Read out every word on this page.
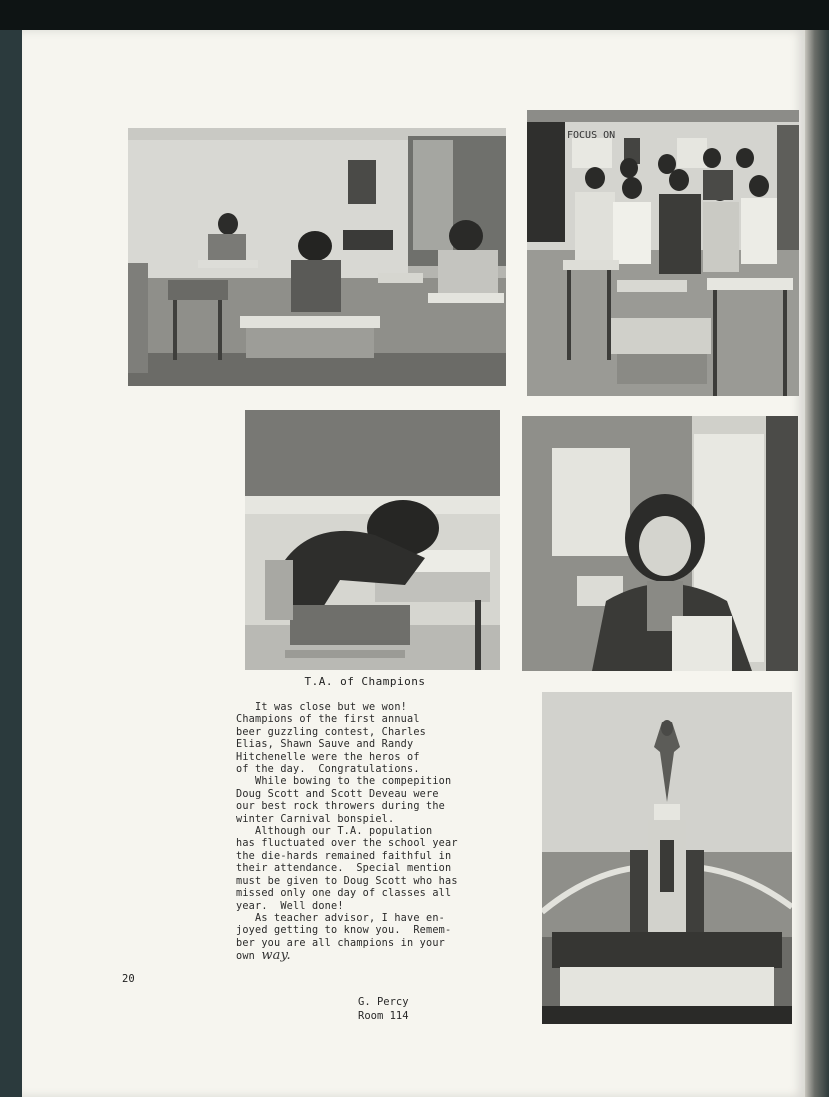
FOCUS ON
T.A. of Champions

It was close but we won!

Champions of the first annual

beer guzzling contest, Charles

Elias, Shawn Sauve and Randy

Hitchenelle were the heros of

of the day.  Congratulations.

While bowing to the compepition

Doug Scott and Scott Deveau were

our best rock throwers during the

winter Carnival bonspiel.

Although our T.A. population

has fluctuated over the school year

the die-hards remained faithful in

their attendance.  Special mention

must be given to Doug Scott who has

missed only one day of classes all

year.  Well done!

As teacher advisor, I have en-

joyed getting to know you.  Remem-

ber you are all champions in your

own way.

G. Percy
Room 114
20
